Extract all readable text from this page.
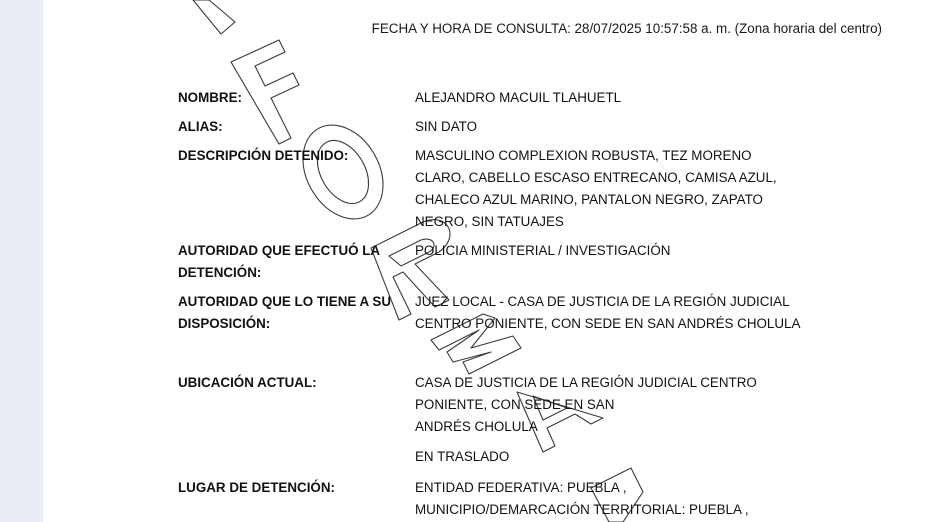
FECHA Y HORA DE CONSULTA: 28/07/2025 10:57:58 a. m. (Zona horaria del centro)
NOMBRE:	ALEJANDRO MACUIL TLAHUETL
ALIAS:	SIN DATO
DESCRIPCIÓN DETENIDO:	MASCULINO COMPLEXION ROBUSTA, TEZ MORENO CLARO, CABELLO ESCASO ENTRECANO, CAMISA AZUL, CHALECO AZUL MARINO, PANTALON NEGRO, ZAPATO NEGRO, SIN TATUAJES
AUTORIDAD QUE EFECTUÓ LA DETENCIÓN:
POLICIA MINISTERIAL / INVESTIGACIÓN
AUTORIDAD QUE LO TIENE A SU DISPOSICIÓN:
JUEZ LOCAL - CASA DE JUSTICIA DE LA REGIÓN JUDICIAL CENTRO PONIENTE, CON SEDE EN SAN ANDRÉS CHOLULA
UBICACIÓN ACTUAL:	CASA DE JUSTICIA DE LA REGIÓN JUDICIAL CENTRO PONIENTE, CON SEDE EN SAN
ANDRÉS CHOLULA
EN TRASLADO
LUGAR DE DETENCIÓN:	ENTIDAD FEDERATIVA: PUEBLA ,
MUNICIPIO/DEMARCACIÓN TERRITORIAL: PUEBLA ,
